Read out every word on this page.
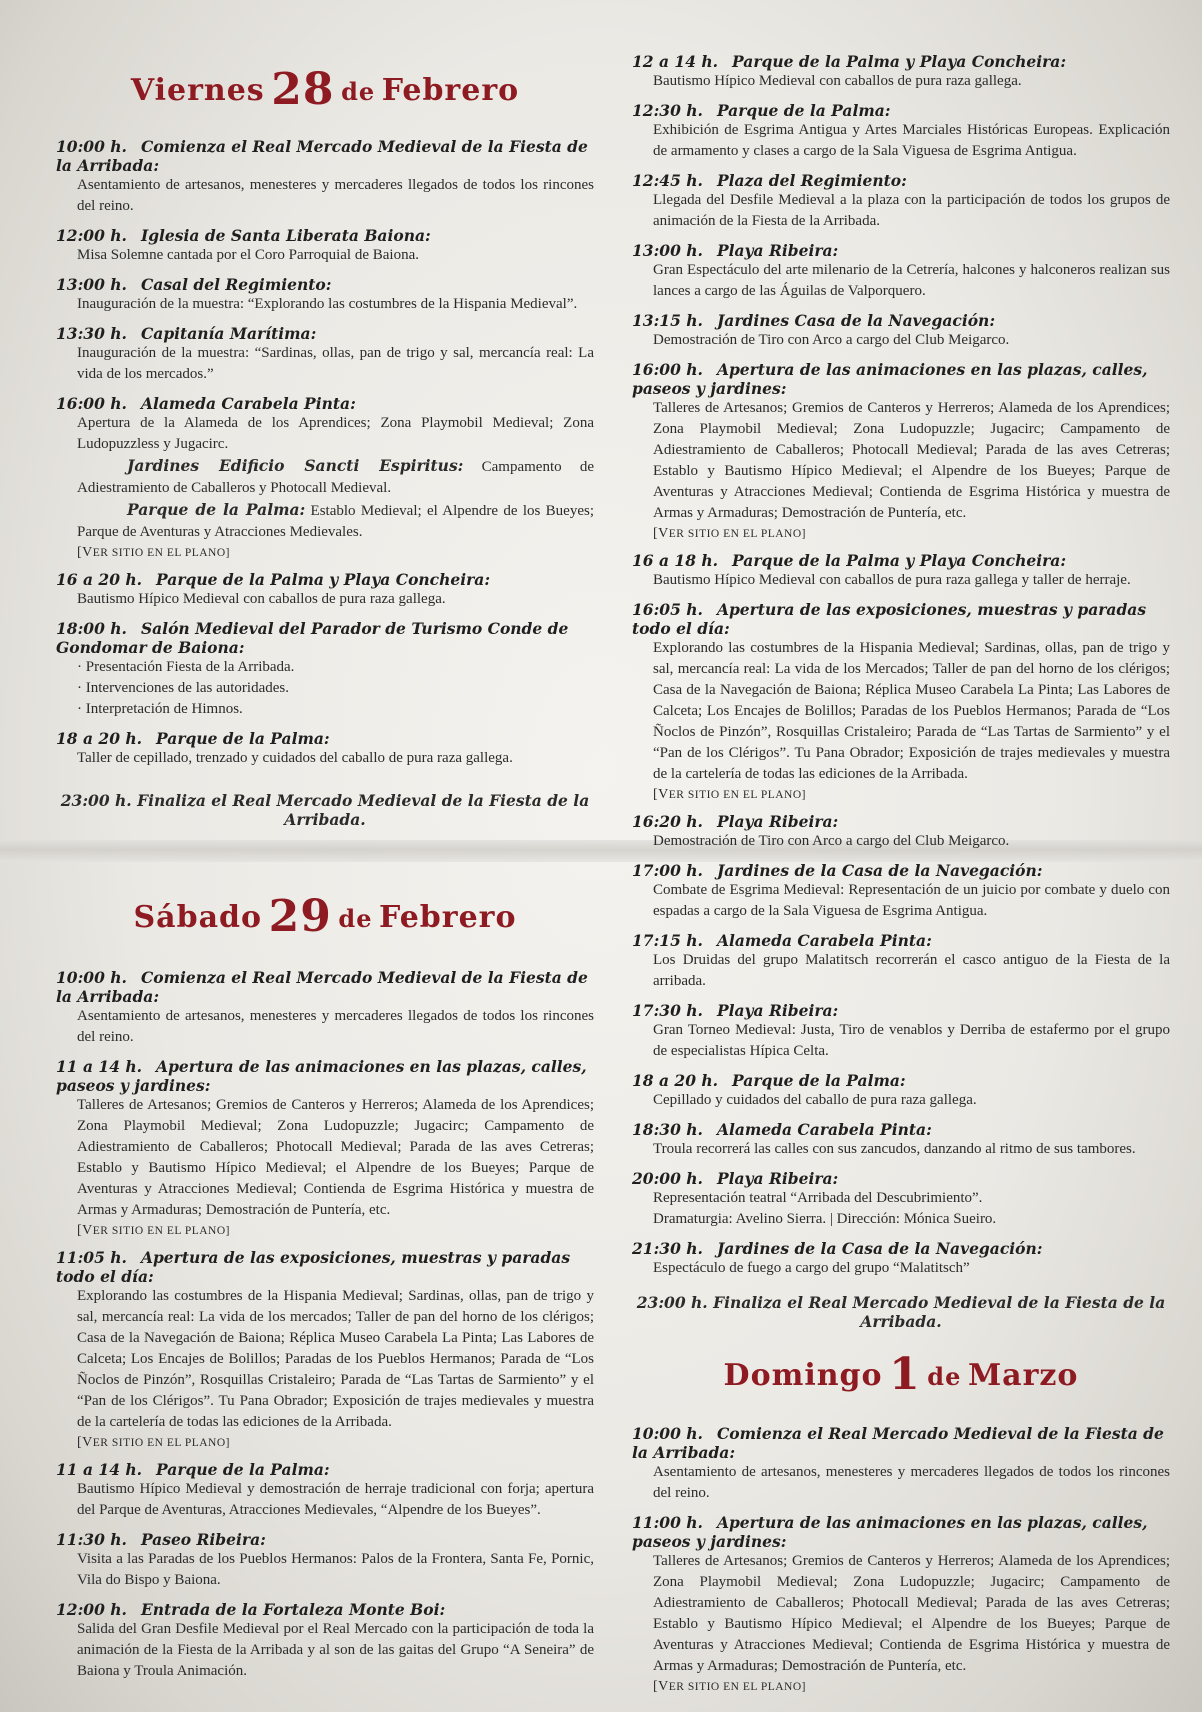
Viernes 28 de Febrero
10:00 h. Comienza el Real Mercado Medieval de la Fiesta de la Arribada:

Asentamiento de artesanos, menesteres y mercaderes llegados de todos los rincones del reino.

12:00 h. Iglesia de Santa Liberata Baiona:

Misa Solemne cantada por el Coro Parroquial de Baiona.

13:00 h. Casal del Regimiento:

Inauguración de la muestra: “Explorando las costumbres de la Hispania Medieval”.

13:30 h. Capitanía Marítima:

Inauguración de la muestra: “Sardinas, ollas, pan de trigo y sal, mercancía real: La vida de los mercados.”

16:00 h. Alameda Carabela Pinta:

Apertura de la Alameda de los Aprendices; Zona Playmobil Medieval; Zona Ludopuzzless y Jugacirc.

Jardines Edificio Sancti Espiritus: Campamento de Adiestramiento de Caballeros y Photocall Medieval.

Parque de la Palma: Establo Medieval; el Alpendre de los Bueyes; Parque de Aventuras y Atracciones Medievales.

[VER SITIO EN EL PLANO]
16 a 20 h. Parque de la Palma y Playa Concheira:

Bautismo Hípico Medieval con caballos de pura raza gallega.

18:00 h. Salón Medieval del Parador de Turismo Conde de Gondomar de Baiona:
· Presentación Fiesta de la Arribada.
· Intervenciones de las autoridades.
· Interpretación de Himnos.
18 a 20 h. Parque de la Palma:

Taller de cepillado, trenzado y cuidados del caballo de pura raza gallega.

23:00 h. Finaliza el Real Mercado Medieval de la Fiesta de la Arribada.
Sábado 29 de Febrero
10:00 h. Comienza el Real Mercado Medieval de la Fiesta de la Arribada:

Asentamiento de artesanos, menesteres y mercaderes llegados de todos los rincones del reino.

11 a 14 h. Apertura de las animaciones en las plazas, calles, paseos y jardines:

Talleres de Artesanos; Gremios de Canteros y Herreros; Alameda de los Aprendices; Zona Playmobil Medieval; Zona Ludopuzzle; Jugacirc; Campamento de Adiestramiento de Caballeros; Photocall Medieval; Parada de las aves Cetreras; Establo y Bautismo Hípico Medieval; el Alpendre de los Bueyes; Parque de Aventuras y Atracciones Medieval; Contienda de Esgrima Histórica y muestra de Armas y Armaduras; Demostración de Puntería, etc.

[VER SITIO EN EL PLANO]
11:05 h. Apertura de las exposiciones, muestras y paradas todo el día:

Explorando las costumbres de la Hispania Medieval; Sardinas, ollas, pan de trigo y sal, mercancía real: La vida de los mercados; Taller de pan del horno de los clérigos; Casa de la Navegación de Baiona; Réplica Museo Carabela La Pinta; Las Labores de Calceta; Los Encajes de Bolillos; Paradas de los Pueblos Hermanos; Parada de “Los Ñoclos de Pinzón”, Rosquillas Cristaleiro; Parada de “Las Tartas de Sarmiento” y el “Pan de los Clérigos”. Tu Pana Obrador; Exposición de trajes medievales y muestra de la cartelería de todas las ediciones de la Arribada.

[VER SITIO EN EL PLANO]
11 a 14 h. Parque de la Palma:

Bautismo Hípico Medieval y demostración de herraje tradicional con forja; apertura del Parque de Aventuras, Atracciones Medievales, “Alpendre de los Bueyes”.

11:30 h. Paseo Ribeira:

Visita a las Paradas de los Pueblos Hermanos: Palos de la Frontera, Santa Fe, Pornic, Vila do Bispo y Baiona.

12:00 h. Entrada de la Fortaleza Monte Boi:

Salida del Gran Desfile Medieval por el Real Mercado con la participación de toda la animación de la Fiesta de la Arribada y al son de las gaitas del Grupo “A Seneira” de Baiona y Troula Animación.

12 a 14 h. Parque de la Palma y Playa Concheira:

Bautismo Hípico Medieval con caballos de pura raza gallega.

12:30 h. Parque de la Palma:

Exhibición de Esgrima Antigua y Artes Marciales Históricas Europeas. Explicación de armamento y clases a cargo de la Sala Viguesa de Esgrima Antigua.

12:45 h. Plaza del Regimiento:

Llegada del Desfile Medieval a la plaza con la participación de todos los grupos de animación de la Fiesta de la Arribada.

13:00 h. Playa Ribeira:

Gran Espectáculo del arte milenario de la Cetrería, halcones y halconeros realizan sus lances a cargo de las Águilas de Valporquero.

13:15 h. Jardines Casa de la Navegación:

Demostración de Tiro con Arco a cargo del Club Meigarco.

16:00 h. Apertura de las animaciones en las plazas, calles, paseos y jardines:

Talleres de Artesanos; Gremios de Canteros y Herreros; Alameda de los Aprendices; Zona Playmobil Medieval; Zona Ludopuzzle; Jugacirc; Campamento de Adiestramiento de Caballeros; Photocall Medieval; Parada de las aves Cetreras; Establo y Bautismo Hípico Medieval; el Alpendre de los Bueyes; Parque de Aventuras y Atracciones Medieval; Contienda de Esgrima Histórica y muestra de Armas y Armaduras; Demostración de Puntería, etc.

[VER SITIO EN EL PLANO]
16 a 18 h. Parque de la Palma y Playa Concheira:

Bautismo Hípico Medieval con caballos de pura raza gallega y taller de herraje.

16:05 h. Apertura de las exposiciones, muestras y paradas todo el día:

Explorando las costumbres de la Hispania Medieval; Sardinas, ollas, pan de trigo y sal, mercancía real: La vida de los Mercados; Taller de pan del horno de los clérigos; Casa de la Navegación de Baiona; Réplica Museo Carabela La Pinta; Las Labores de Calceta; Los Encajes de Bolillos; Paradas de los Pueblos Hermanos; Parada de “Los Ñoclos de Pinzón”, Rosquillas Cristaleiro; Parada de “Las Tartas de Sarmiento” y el “Pan de los Clérigos”. Tu Pana Obrador; Exposición de trajes medievales y muestra de la cartelería de todas las ediciones de la Arribada.

[VER SITIO EN EL PLANO]
16:20 h. Playa Ribeira:

Demostración de Tiro con Arco a cargo del Club Meigarco.

17:00 h. Jardines de la Casa de la Navegación:

Combate de Esgrima Medieval: Representación de un juicio por combate y duelo con espadas a cargo de la Sala Viguesa de Esgrima Antigua.

17:15 h. Alameda Carabela Pinta:

Los Druidas del grupo Malatitsch recorrerán el casco antiguo de la Fiesta de la arribada.

17:30 h. Playa Ribeira:

Gran Torneo Medieval: Justa, Tiro de venablos y Derriba de estafermo por el grupo de especialistas Hípica Celta.

18 a 20 h. Parque de la Palma:

Cepillado y cuidados del caballo de pura raza gallega.

18:30 h. Alameda Carabela Pinta:

Troula recorrerá las calles con sus zancudos, danzando al ritmo de sus tambores.

20:00 h. Playa Ribeira:

Representación teatral “Arribada del Descubrimiento”.

Dramaturgia: Avelino Sierra. | Dirección: Mónica Sueiro.

21:30 h. Jardines de la Casa de la Navegación:

Espectáculo de fuego a cargo del grupo “Malatitsch”

23:00 h. Finaliza el Real Mercado Medieval de la Fiesta de la Arribada.
Domingo 1 de Marzo
10:00 h. Comienza el Real Mercado Medieval de la Fiesta de la Arribada:

Asentamiento de artesanos, menesteres y mercaderes llegados de todos los rincones del reino.

11:00 h. Apertura de las animaciones en las plazas, calles, paseos y jardines:

Talleres de Artesanos; Gremios de Canteros y Herreros; Alameda de los Aprendices; Zona Playmobil Medieval; Zona Ludopuzzle; Jugacirc; Campamento de Adiestramiento de Caballeros; Photocall Medieval; Parada de las aves Cetreras; Establo y Bautismo Hípico Medieval; el Alpendre de los Bueyes; Parque de Aventuras y Atracciones Medieval; Contienda de Esgrima Histórica y muestra de Armas y Armaduras; Demostración de Puntería, etc.

[VER SITIO EN EL PLANO]
